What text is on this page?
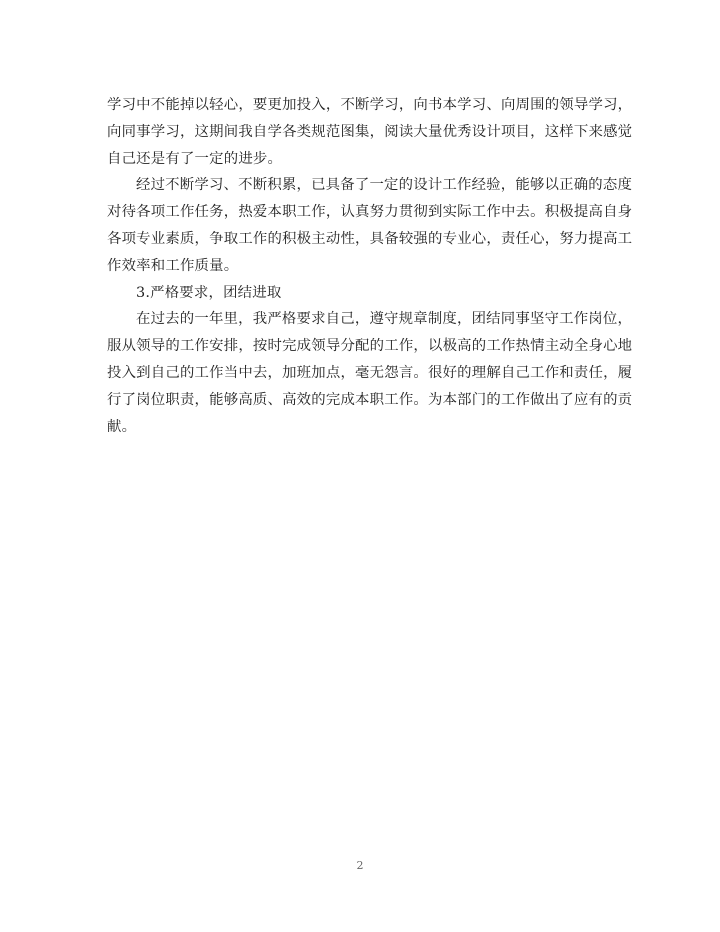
学习中不能掉以轻心，要更加投入，不断学习，向书本学习、向周围的领导学习，
向同事学习，这期间我自学各类规范图集，阅读大量优秀设计项目，这样下来感觉
自己还是有了一定的进步。
经过不断学习、不断积累，已具备了一定的设计工作经验，能够以正确的态度
对待各项工作任务，热爱本职工作，认真努力贯彻到实际工作中去。积极提高自身
各项专业素质，争取工作的积极主动性，具备较强的专业心，责任心，努力提高工
作效率和工作质量。
3.严格要求，团结进取
在过去的一年里，我严格要求自己，遵守规章制度，团结同事坚守工作岗位，
服从领导的工作安排，按时完成领导分配的工作，以极高的工作热情主动全身心地
投入到自己的工作当中去，加班加点，毫无怨言。很好的理解自己工作和责任，履
行了岗位职责，能够高质、高效的完成本职工作。为本部门的工作做出了应有的贡
献。
2
